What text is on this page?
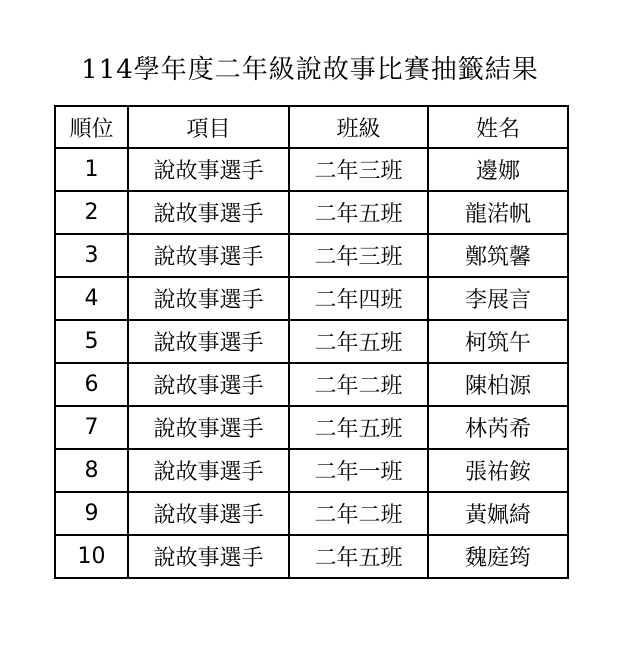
114學年度二年級說故事比賽抽籤結果
順位	項目	班級	姓名
1	說故事選手	二年三班	邊娜
2	說故事選手	二年五班	龍渃帆
3	說故事選手	二年三班	鄭筑馨
4	說故事選手	二年四班	李展言
5	說故事選手	二年五班	柯筑午
6	說故事選手	二年二班	陳柏源
7	說故事選手	二年五班	林芮希
8	說故事選手	二年一班	張祐銨
9	說故事選手	二年二班	黃姵綺
10	說故事選手	二年五班	魏庭筠
